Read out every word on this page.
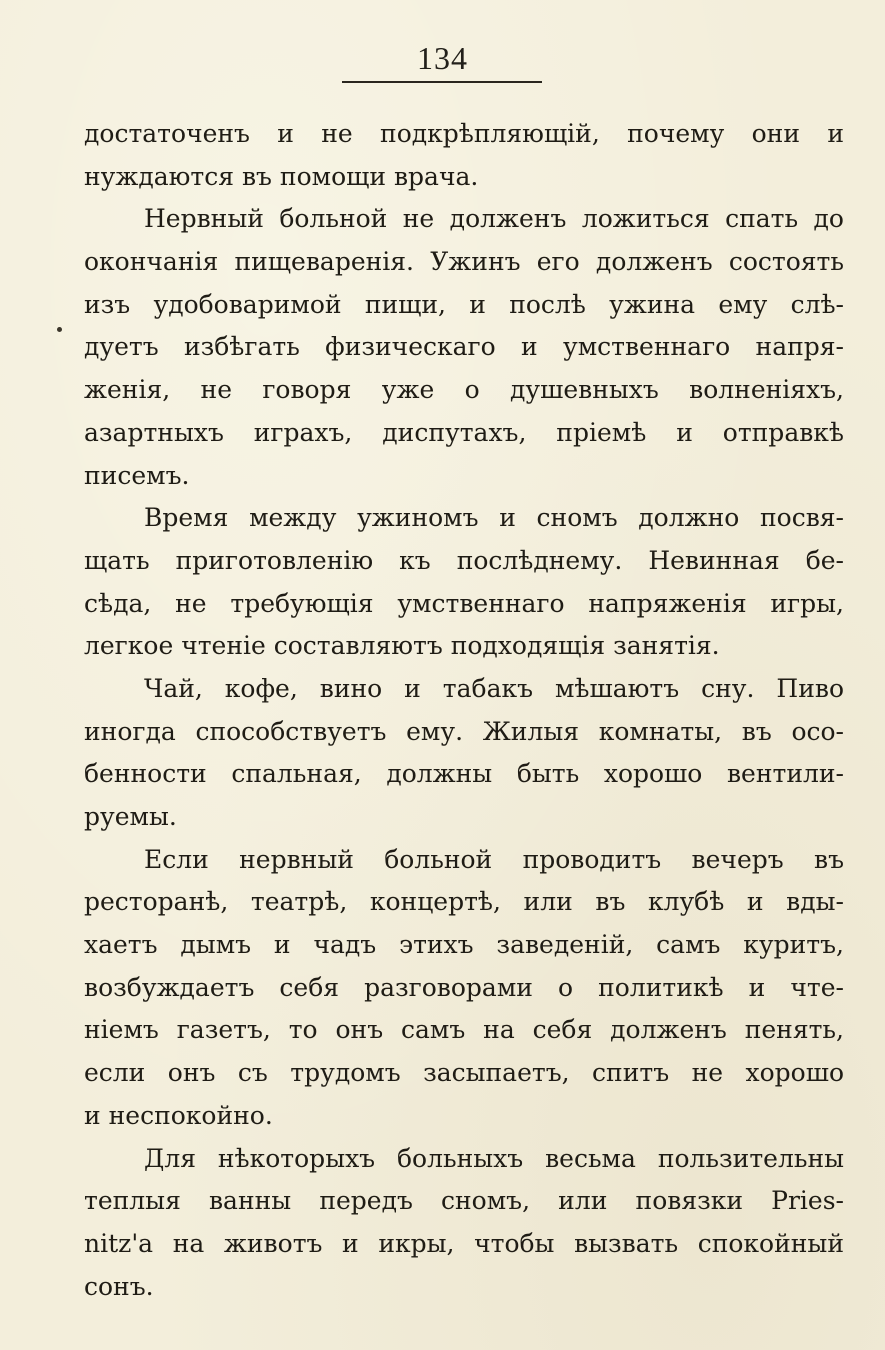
134

достаточенъ и не подкрѣпляющій, почему они и
нуждаются въ помощи врача.

Нервный больной не долженъ ложиться спать до
окончанія пищеваренія. Ужинъ его долженъ состоять
изъ удобоваримой пищи, и послѣ ужина ему слѣ-
дуетъ избѣгать физическаго и умственнаго напря-
женія, не говоря уже о душевныхъ волненіяхъ,
азартныхъ играхъ, диспутахъ, пріемѣ и отправкѣ
писемъ.

Время между ужиномъ и сномъ должно посвя-
щать приготовленію къ послѣднему. Невинная бе-
сѣда, не требующія умственнаго напряженія игры,
легкое чтеніе составляютъ подходящія занятія.

Чай, кофе, вино и табакъ мѣшаютъ сну. Пиво
иногда способствуетъ ему. Жилыя комнаты, въ осо-
бенности спальная, должны быть хорошо вентили-
руемы.

Если нервный больной проводитъ вечеръ въ
ресторанѣ, театрѣ, концертѣ, или въ клубѣ и вды-
хаетъ дымъ и чадъ этихъ заведеній, самъ куритъ,
возбуждаетъ себя разговорами о политикѣ и чте-
ніемъ газетъ, то онъ самъ на себя долженъ пенять,
если онъ съ трудомъ засыпаетъ, спитъ не хорошо
и неспокойно.

Для нѣкоторыхъ больныхъ весьма пользительны
теплыя ванны передъ сномъ, или повязки Pries-
nitz'а на животъ и икры, чтобы вызвать спокойный
сонъ.
